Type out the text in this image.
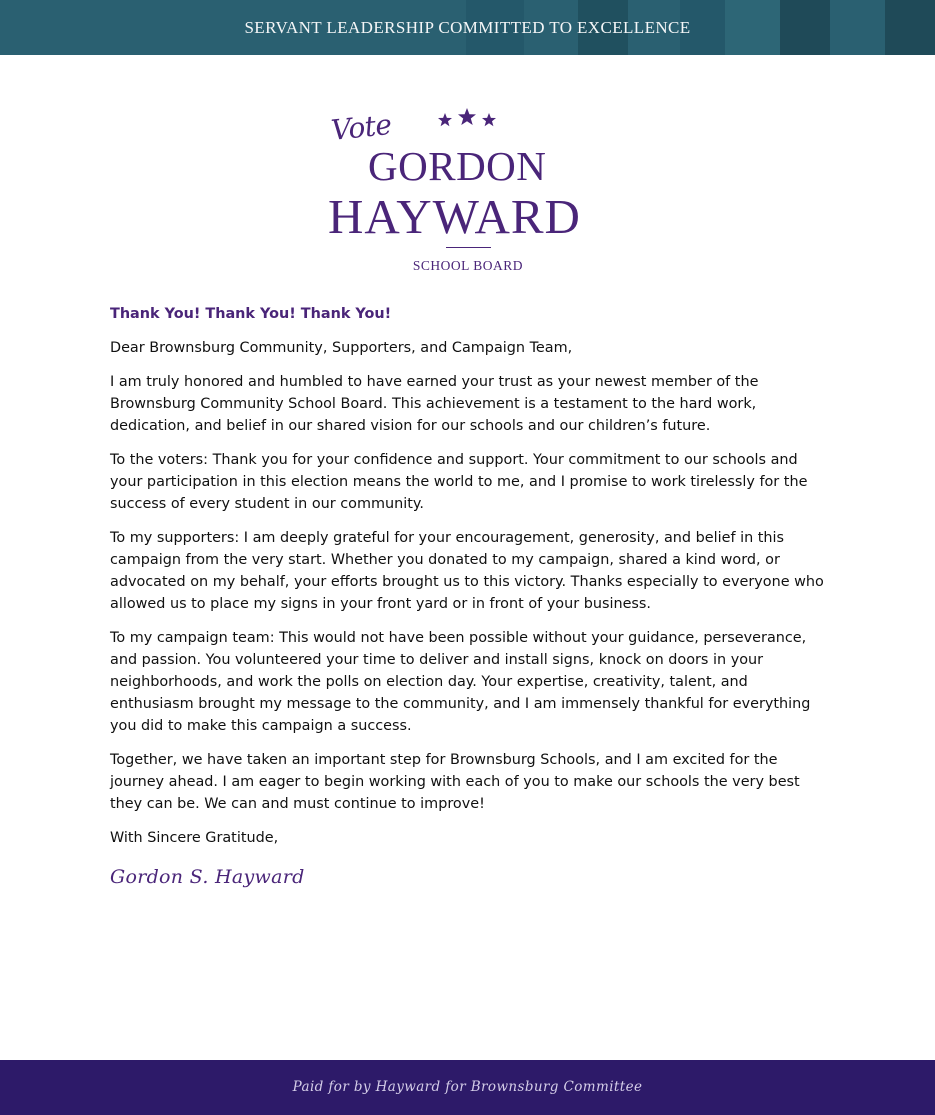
SERVANT LEADERSHIP COMMITTED TO EXCELLENCE
Vote
GORDON
HAYWARD
SCHOOL BOARD

Thank You! Thank You! Thank You!

Dear Brownsburg Community, Supporters, and Campaign Team,

I am truly honored and humbled to have earned your trust as your newest member of the Brownsburg Community School Board. This achievement is a testament to the hard work, dedication, and belief in our shared vision for our schools and our children’s future.

To the voters: Thank you for your confidence and support. Your commitment to our schools and your participation in this election means the world to me, and I promise to work tirelessly for the success of every student in our community.

To my supporters: I am deeply grateful for your encouragement, generosity, and belief in this campaign from the very start. Whether you donated to my campaign, shared a kind word, or advocated on my behalf, your efforts brought us to this victory. Thanks especially to everyone who allowed us to place my signs in your front yard or in front of your business.

To my campaign team: This would not have been possible without your guidance, perseverance, and passion. You volunteered your time to deliver and install signs, knock on doors in your neighborhoods, and work the polls on election day. Your expertise, creativity, talent, and enthusiasm brought my message to the community, and I am immensely thankful for everything you did to make this campaign a success.

Together, we have taken an important step for Brownsburg Schools, and I am excited for the journey ahead. I am eager to begin working with each of you to make our schools the very best they can be. We can and must continue to improve!

With Sincere Gratitude,

Gordon S. Hayward
Paid for by Hayward for Brownsburg Committee
